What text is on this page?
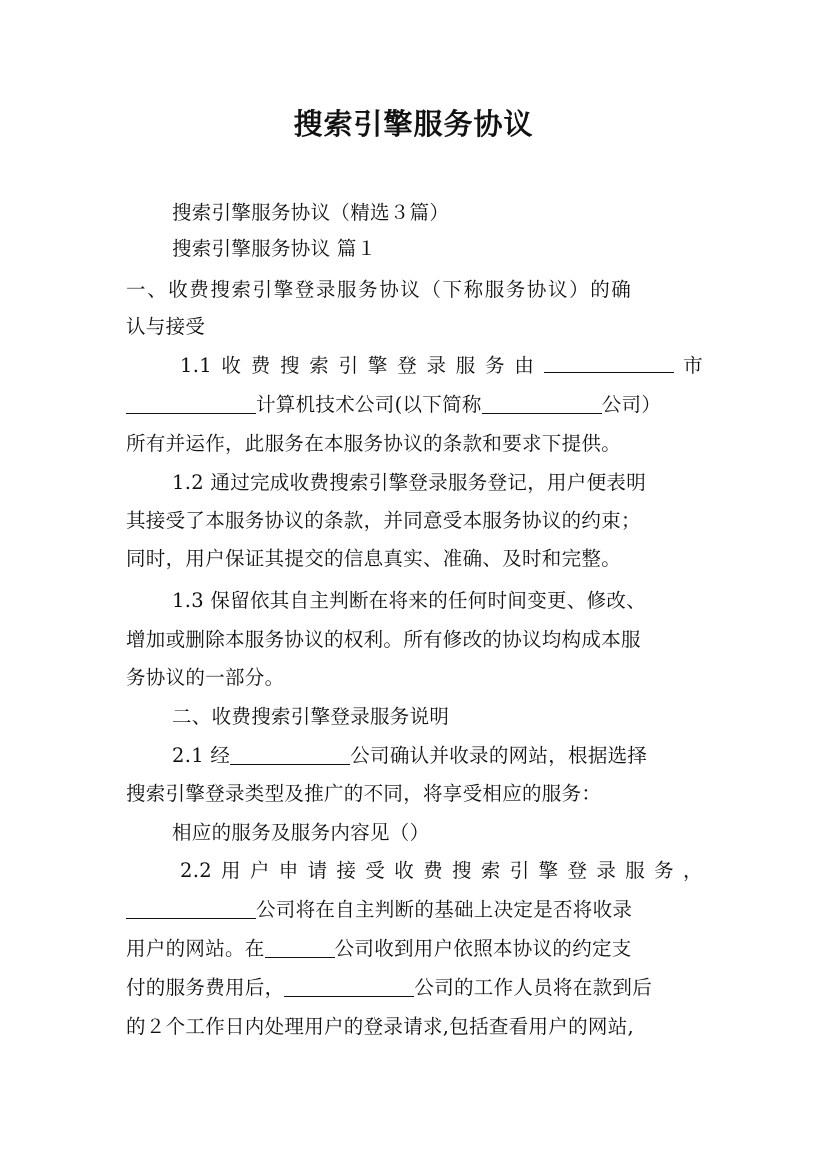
搜索引擎服务协议
搜索引擎服务协议（精选３篇）
搜索引擎服务协议 篇１
一、收费搜索引擎登录服务协议（下称服务协议）的确
认与接受
1.1 收 费 搜 索 引 擎 登 录 服 务 由	市
计算机技术公司(以下简称	公司）
所有并运作，此服务在本服务协议的条款和要求下提供。
1.2 通过完成收费搜索引擎登录服务登记，用户便表明
其接受了本服务协议的条款，并同意受本服务协议的约束；
同时，用户保证其提交的信息真实、准确、及时和完整。
1.3 保留依其自主判断在将来的任何时间变更、修改、
增加或删除本服务协议的权利。所有修改的协议均构成本服
务协议的一部分。
二、收费搜索引擎登录服务说明
2.1 经	公司确认并收录的网站，根据选择
搜索引擎登录类型及推广的不同，将享受相应的服务：
相应的服务及服务内容见（）
2.2 用 户 申 请 接 受 收 费 搜 索 引 擎 登 录 服 务 ，
公司将在自主判断的基础上决定是否将收录
用户的网站。在	公司收到用户依照本协议的约定支
付的服务费用后，	公司的工作人员将在款到后
的２个工作日内处理用户的登录请求,包括查看用户的网站,
